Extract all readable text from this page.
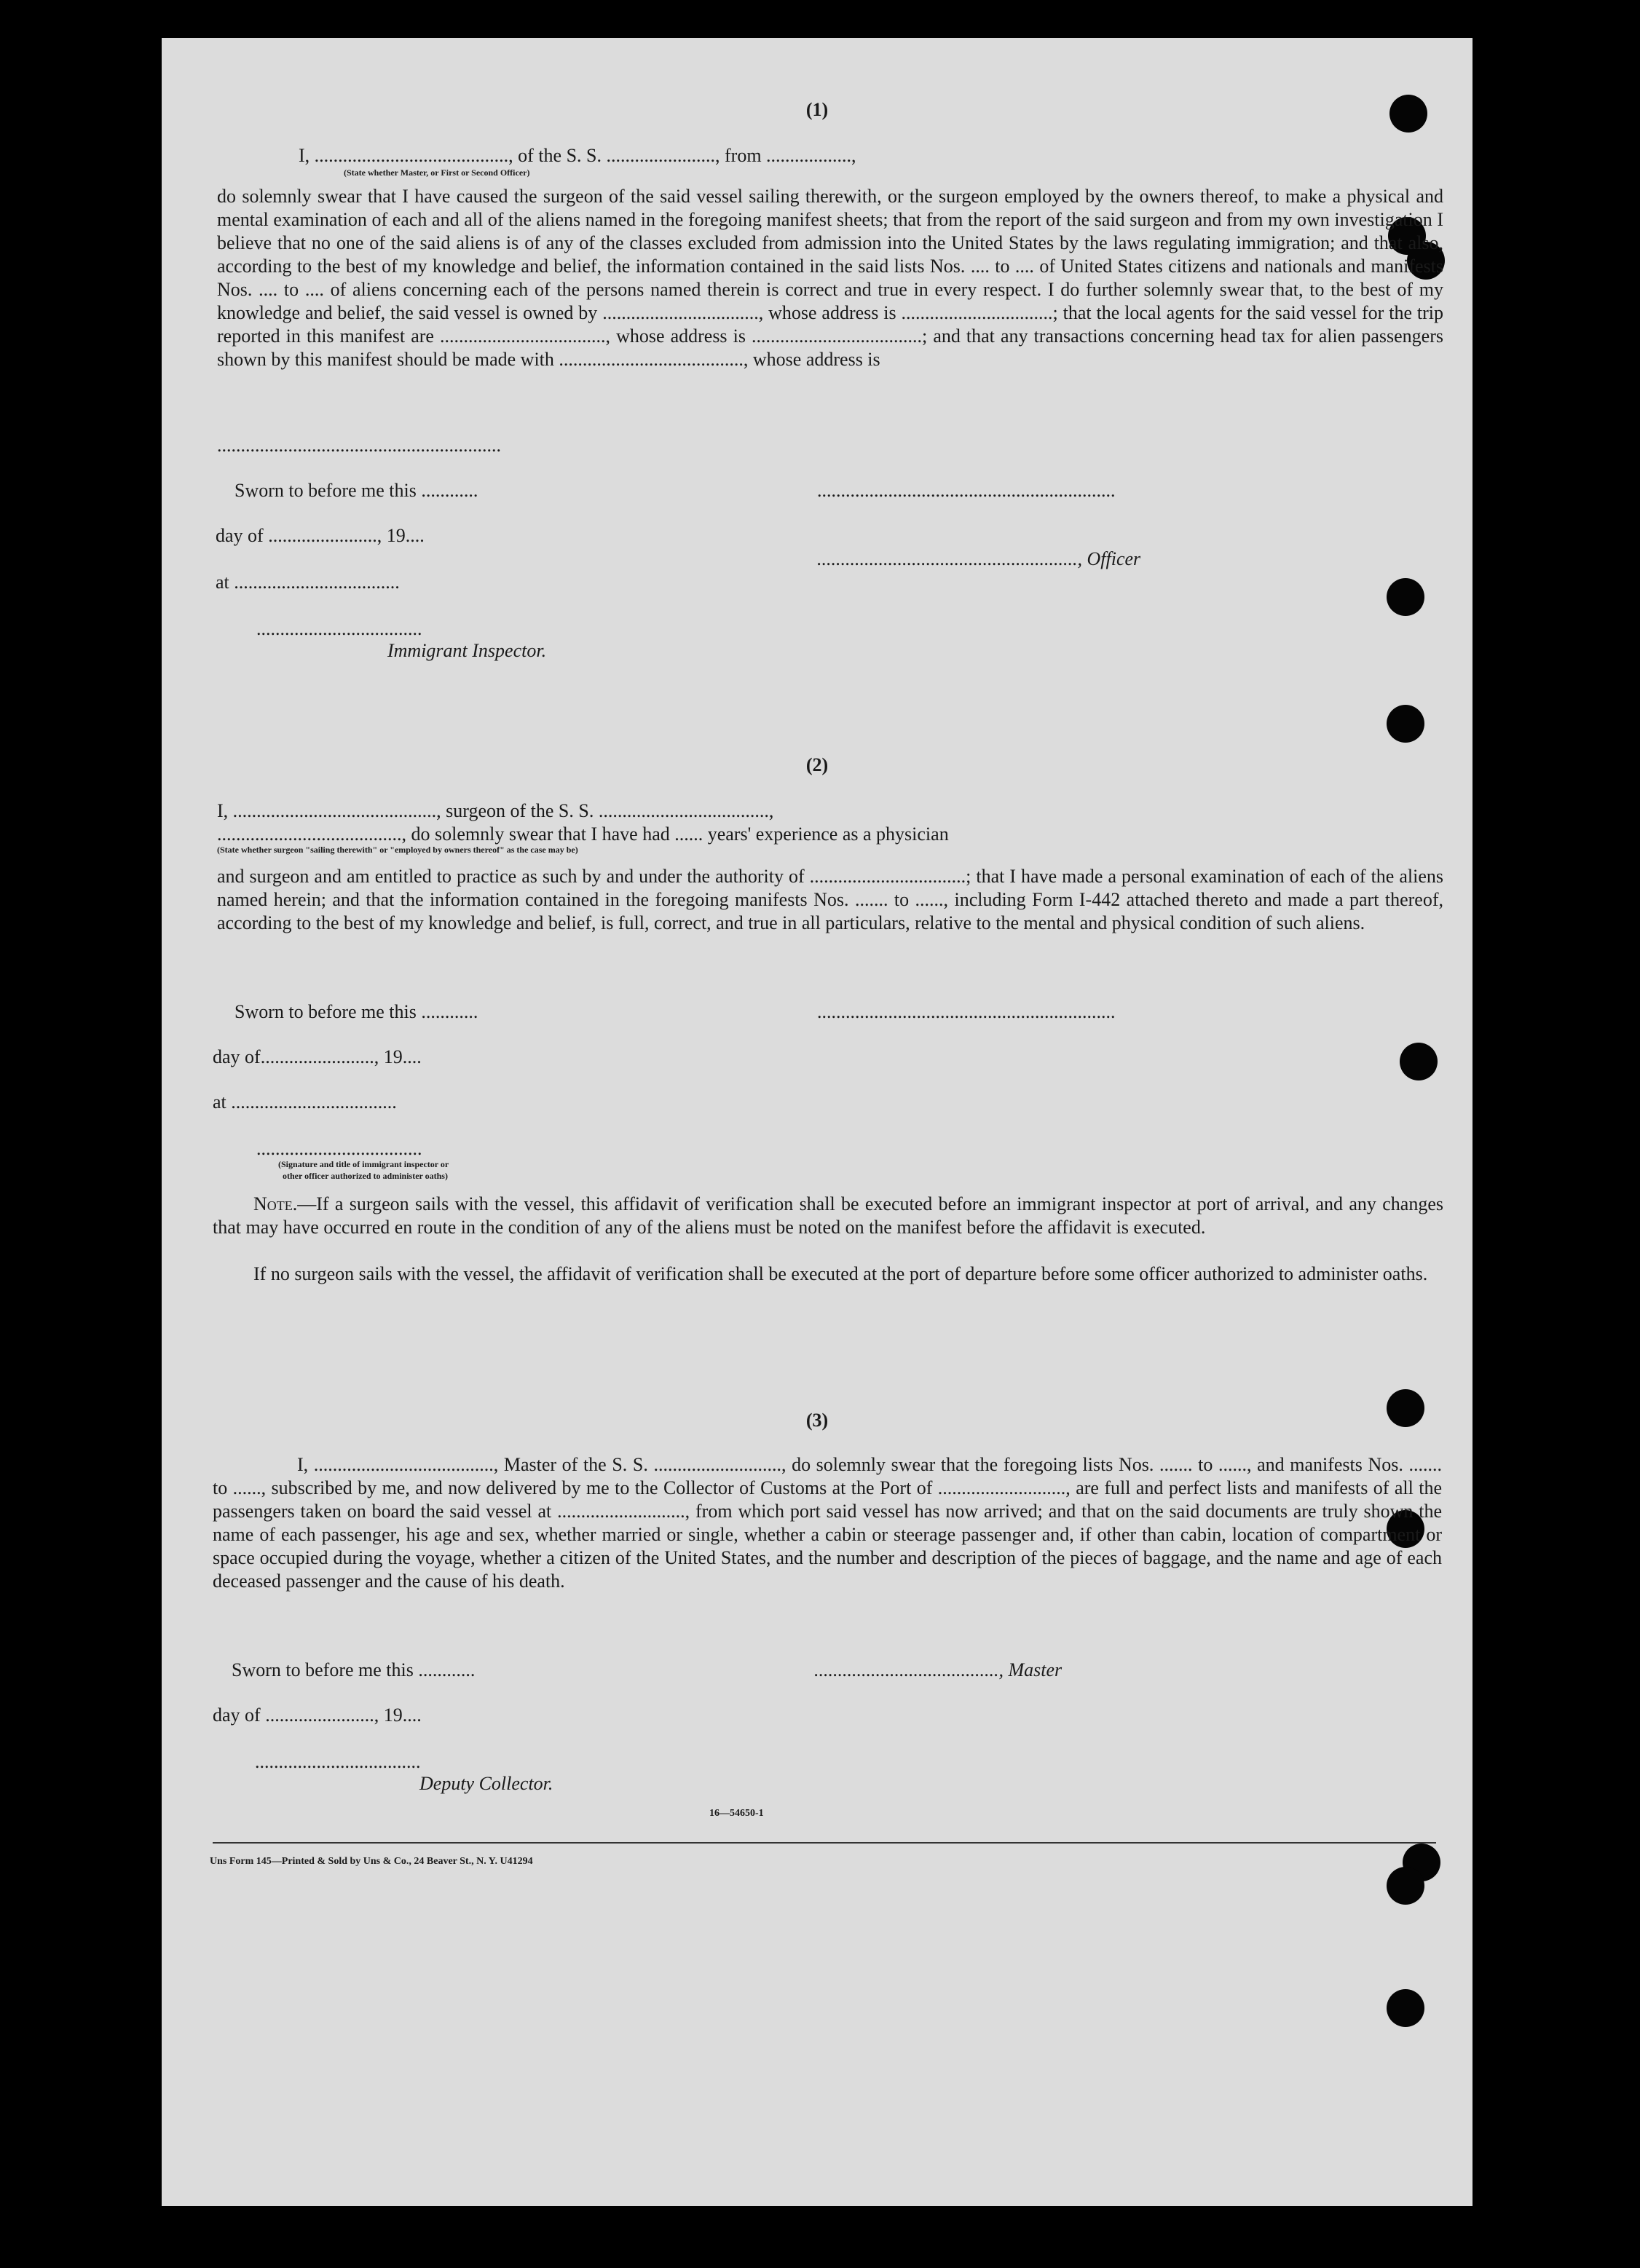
(1)
I, ........................................., of the S. S. ......................., from ..................,
(State whether Master, or First or Second Officer)
do solemnly swear that I have caused the surgeon of the said vessel sailing therewith, or the surgeon employed by the owners thereof, to make a physical and mental examination of each and all of the aliens named in the foregoing manifest sheets; that from the report of the said surgeon and from my own investigation I believe that no one of the said aliens is of any of the classes excluded from admission into the United States by the laws regulating immigration; and that also, according to the best of my knowledge and belief, the information contained in the said lists Nos. .... to .... of United States citizens and nationals and manifests Nos. .... to .... of aliens concerning each of the persons named therein is correct and true in every respect. I do further solemnly swear that, to the best of my knowledge and belief, the said vessel is owned by ................................., whose address is ................................; that the local agents for the said vessel for the trip reported in this manifest are ..................................., whose address is ....................................; and that any transactions concerning head tax for alien passengers shown by this manifest should be made with ......................................., whose address is
............................................................
Sworn to before me this ............	...............................................................
day of ......................., 19....
......................................................., Officer
at ...................................
...................................
Immigrant Inspector.
(2)
I, ..........................................., surgeon of the S. S. ....................................,
......................................., do solemnly swear that I have had ...... years' experience as a physician
(State whether surgeon "sailing therewith" or "employed by owners thereof" as the case may be)
and surgeon and am entitled to practice as such by and under the authority of .................................; that I have made a personal examination of each of the aliens named herein; and that the information contained in the foregoing manifests Nos. ....... to ......, including Form I-442 attached thereto and made a part thereof, according to the best of my knowledge and belief, is full, correct, and true in all particulars, relative to the mental and physical condition of such aliens.
Sworn to before me this ............	...............................................................
day of........................, 19....
at ...................................
...................................
(Signature and title of immigrant inspector or
other officer authorized to administer oaths)
Note.—If a surgeon sails with the vessel, this affidavit of verification shall be executed before an immigrant inspector at port of arrival, and any changes that may have occurred en route in the condition of any of the aliens must be noted on the manifest before the affidavit is executed.
If no surgeon sails with the vessel, the affidavit of verification shall be executed at the port of departure before some officer authorized to administer oaths.
(3)
I, ......................................, Master of the S. S. ..........................., do solemnly swear that the foregoing lists Nos. ....... to ......, and manifests Nos. ....... to ......, subscribed by me, and now delivered by me to the Collector of Customs at the Port of ..........................., are full and perfect lists and manifests of all the passengers taken on board the said vessel at ..........................., from which port said vessel has now arrived; and that on the said documents are truly shown the name of each passenger, his age and sex, whether married or single, whether a cabin or steerage passenger and, if other than cabin, location of compartment or space occupied during the voyage, whether a citizen of the United States, and the number and description of the pieces of baggage, and the name and age of each deceased passenger and the cause of his death.
Sworn to before me this ............	......................................., Master
day of ......................., 19....
...................................
Deputy Collector.
16—54650-1
Uns Form 145—Printed & Sold by Uns & Co., 24 Beaver St., N. Y. U41294
